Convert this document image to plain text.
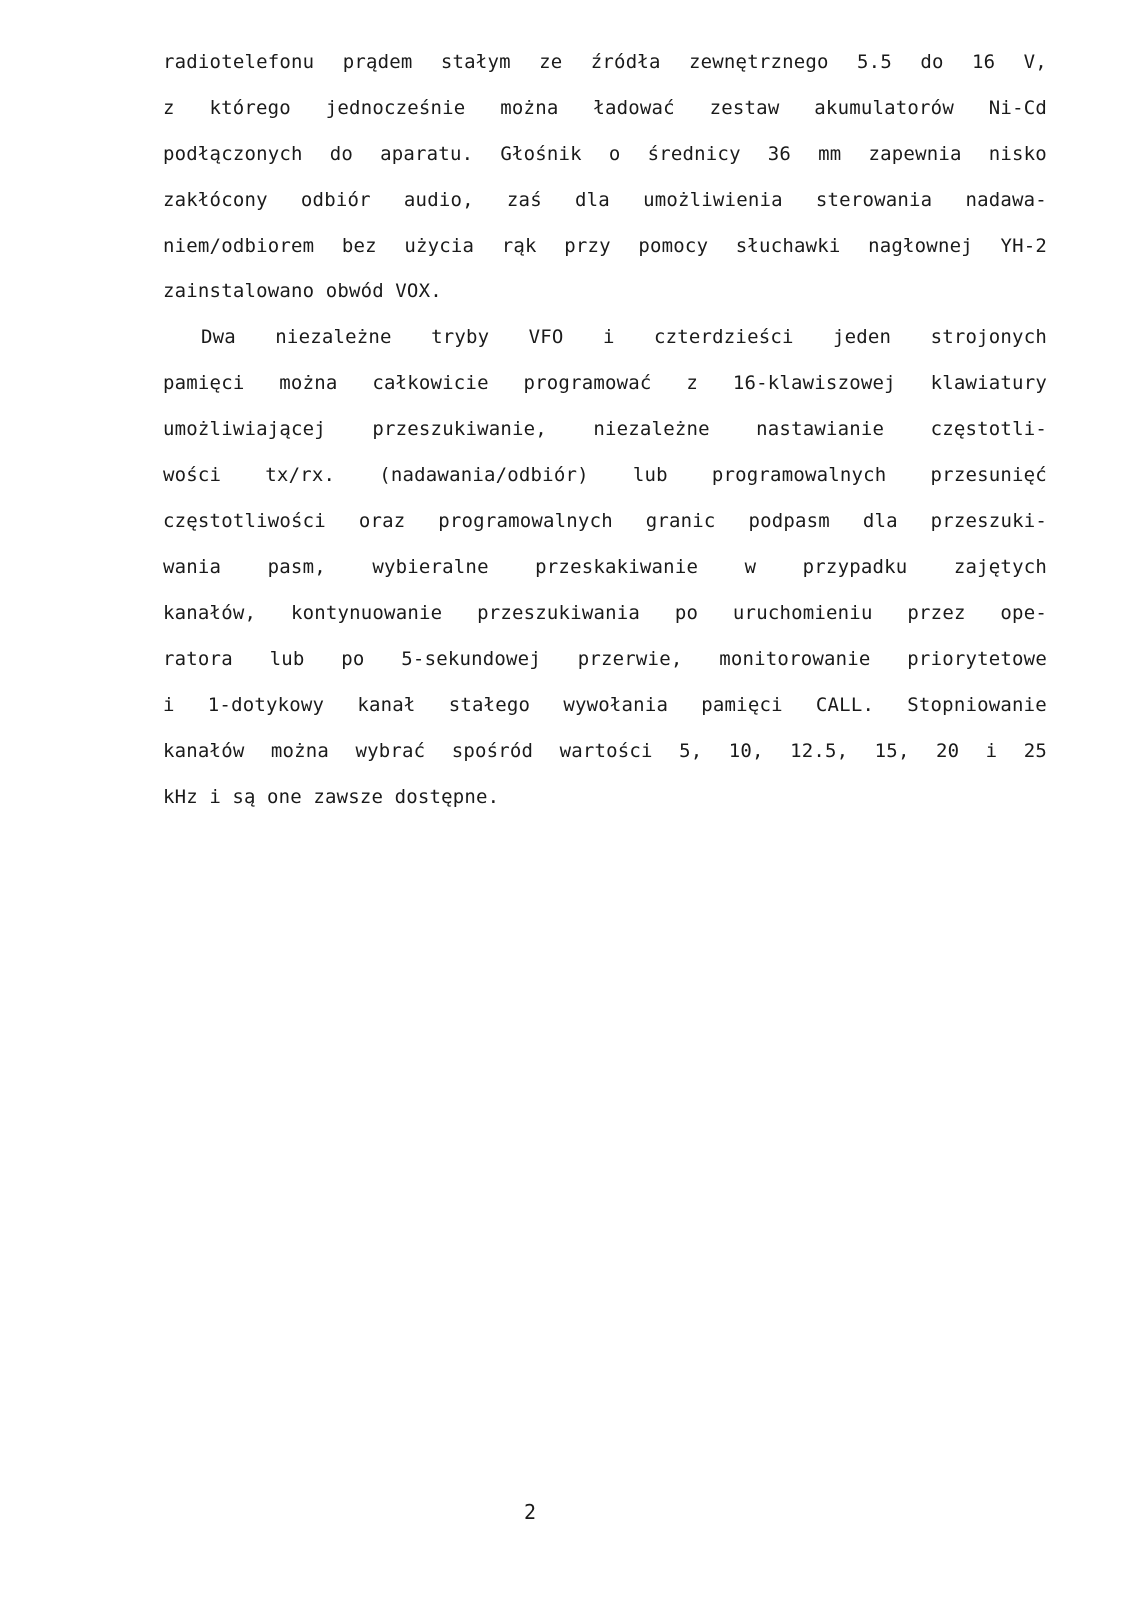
radiotelefonu prądem stałym ze źródła zewnętrznego 5.5 do 16 V,
z którego jednocześnie można ładować zestaw akumulatorów Ni-Cd
podłączonych do aparatu. Głośnik o średnicy 36 mm zapewnia nisko
zakłócony odbiór audio, zaś dla umożliwienia sterowania nadawa-
niem/odbiorem bez użycia rąk przy pomocy słuchawki nagłownej YH-2
zainstalowano obwód VOX.
Dwa niezależne tryby VFO i czterdzieści jeden strojonych
pamięci można całkowicie programować z 16-klawiszowej klawiatury
umożliwiającej przeszukiwanie, niezależne nastawianie częstotli-
wości tx/rx. (nadawania/odbiór) lub programowalnych przesunięć
częstotliwości oraz programowalnych granic podpasm dla przeszuki-
wania pasm, wybieralne przeskakiwanie w przypadku zajętych
kanałów, kontynuowanie przeszukiwania po uruchomieniu przez ope-
ratora lub po 5-sekundowej przerwie, monitorowanie priorytetowe
i 1-dotykowy kanał stałego wywołania pamięci CALL. Stopniowanie
kanałów można wybrać spośród wartości 5, 10, 12.5, 15, 20 i 25
kHz i są one zawsze dostępne.
2
